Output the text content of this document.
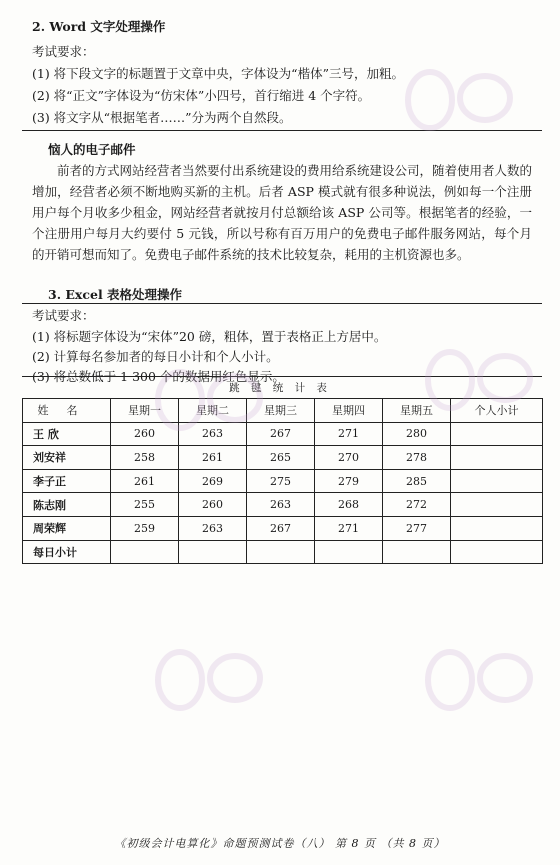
2. Word 文字处理操作
考试要求：
(1) 将下段文字的标题置于文章中央，字体设为“楷体”三号，加粗。
(2) 将“正文”字体设为“仿宋体”小四号，首行缩进 4 个字符。
(3) 将文字从“根据笔者……”分为两个自然段。
恼人的电子邮件
前者的方式网站经营者当然要付出系统建设的费用给系统建设公司，随着使用者人数的增加，经营者必须不断地购买新的主机。后者 ASP 模式就有很多种说法，例如每一个注册用户每个月收多少租金，网站经营者就按月付总额给该 ASP 公司等。根据笔者的经验，一个注册用户每月大约要付 5 元钱，所以号称有百万用户的免费电子邮件服务网站，每个月的开销可想而知了。免费电子邮件系统的技术比较复杂，耗用的主机资源也多。
3. Excel 表格处理操作
考试要求：
(1) 将标题字体设为“宋体”20 磅，粗体，置于表格正上方居中。
(2) 计算每名参加者的每日小计和个人小计。
(3) 将总数低于 1 300 个的数据用红色显示。
跳 毽 统 计 表
姓名	星期一	星期二	星期三	星期四	星期五	个人小计
王 欣	260	263	267	271	280	
刘安祥	258	261	265	270	278	
李子正	261	269	275	279	285	
陈志刚	255	260	263	268	272	
周荣辉	259	263	267	271	277	
每日小计						
《初级会计电算化》命题预测试卷（八） 第 8 页 （共 8 页）
